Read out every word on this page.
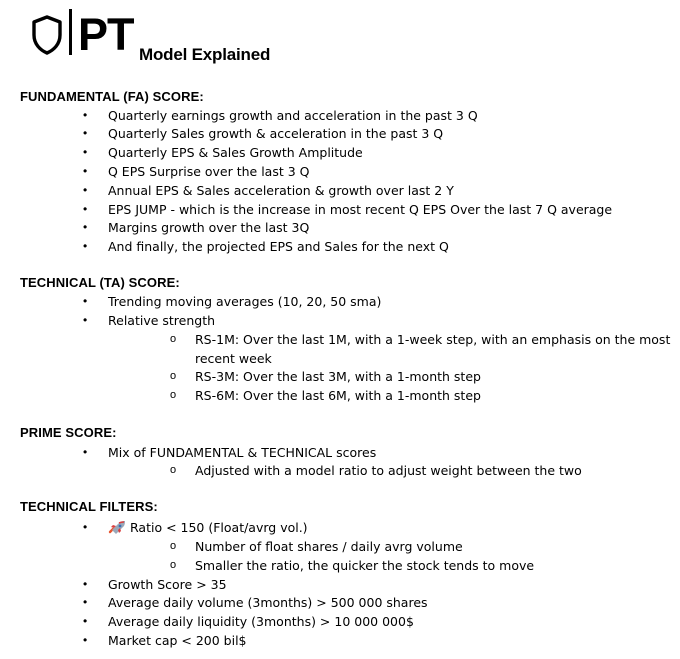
PT Model Explained
FUNDAMENTAL (FA) SCORE:
• Quarterly earnings growth and acceleration in the past 3 Q
• Quarterly Sales growth & acceleration in the past 3 Q
• Quarterly EPS & Sales Growth Amplitude
• Q EPS Surprise over the last 3 Q
• Annual EPS & Sales acceleration & growth over last 2 Y
• EPS JUMP - which is the increase in most recent Q EPS Over the last 7 Q average
• Margins growth over the last 3Q
• And finally, the projected EPS and Sales for the next Q
TECHNICAL (TA) SCORE:
• Trending moving averages (10, 20, 50 sma)
• Relative strength
o RS-1M: Over the last 1M, with a 1-week step, with an emphasis on the most
recent week
o RS-3M: Over the last 3M, with a 1-month step
o RS-6M: Over the last 6M, with a 1-month step
PRIME SCORE:
• Mix of FUNDAMENTAL & TECHNICAL scores
o Adjusted with a model ratio to adjust weight between the two
TECHNICAL FILTERS:
•	Ratio < 150 (Float/avrg vol.)
o Number of float shares / daily avrg volume
o Smaller the ratio, the quicker the stock tends to move
• Growth Score > 35
• Average daily volume (3months) > 500 000 shares
• Average daily liquidity (3months) > 10 000 000$
• Market cap < 200 bil$
